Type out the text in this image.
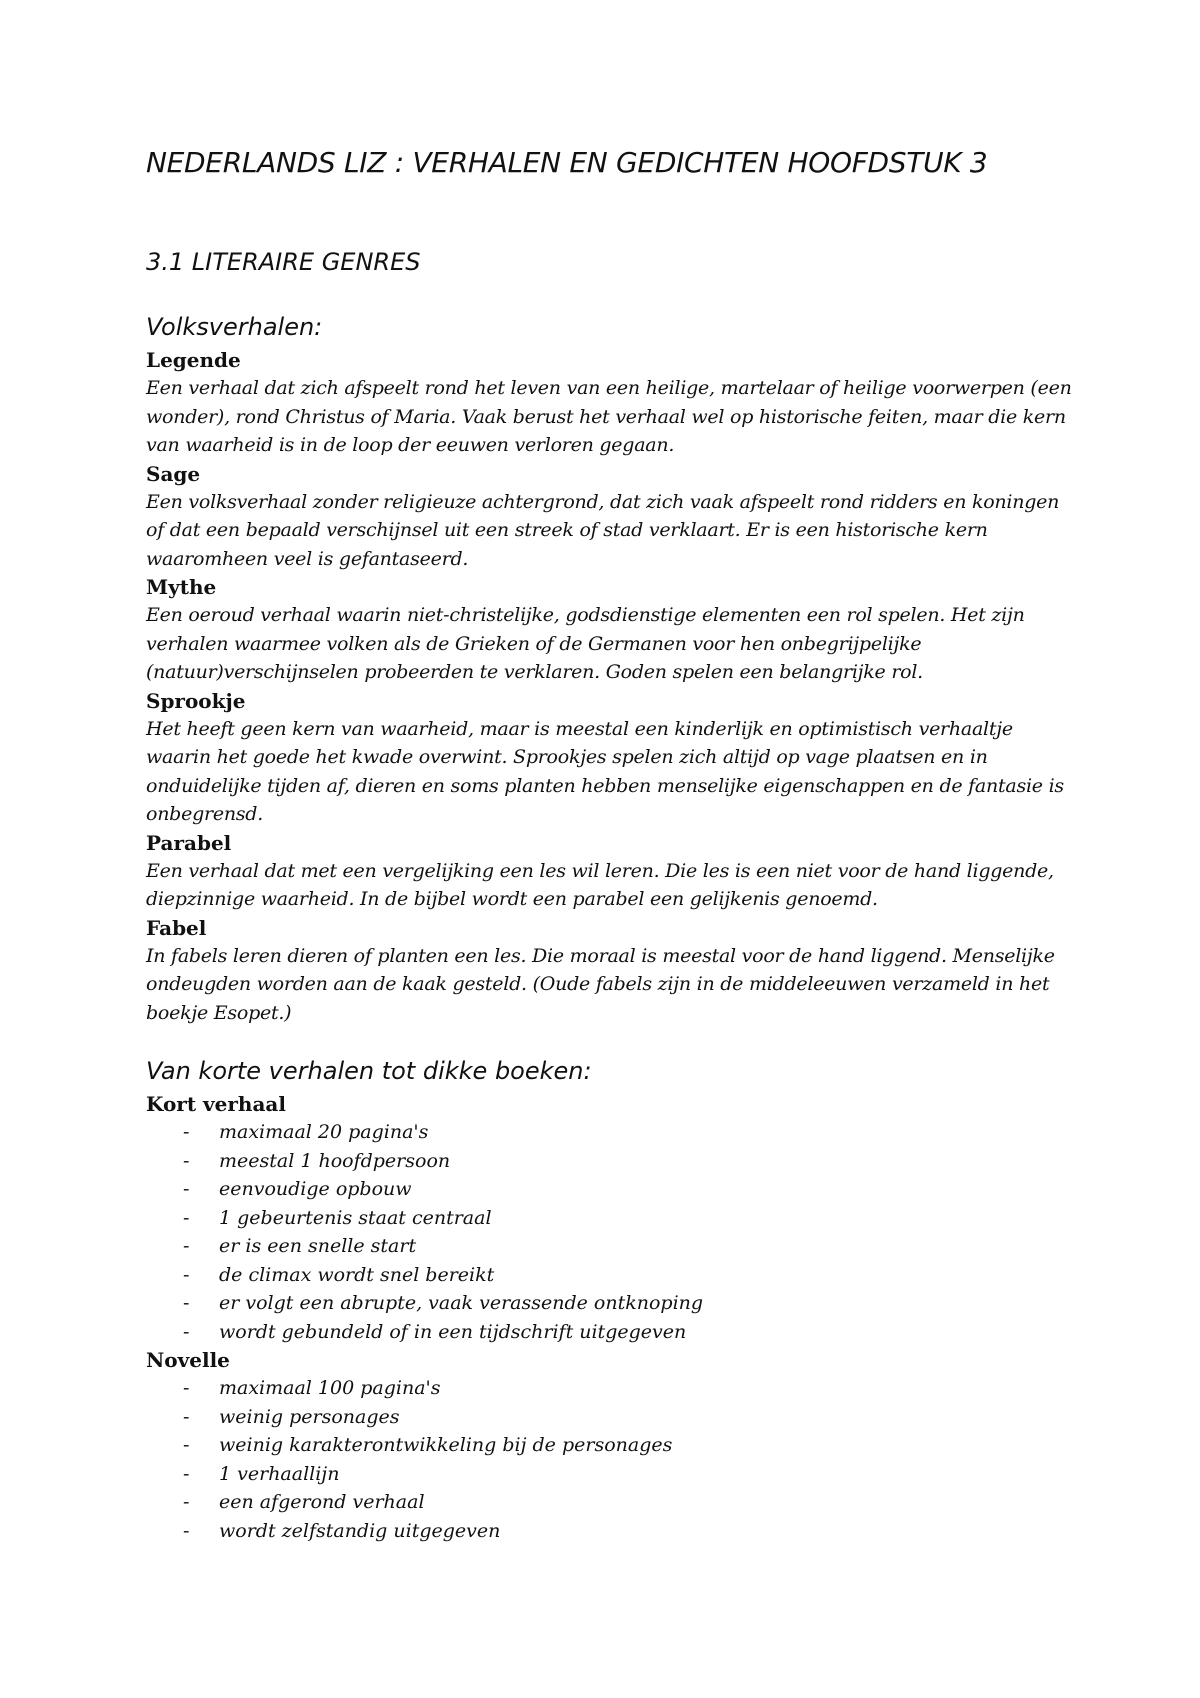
NEDERLANDS LIZ : VERHALEN EN GEDICHTEN HOOFDSTUK 3
3.1 LITERAIRE GENRES
Volksverhalen:

Legende

Een verhaal dat zich afspeelt rond het leven van een heilige, martelaar of heilige voorwerpen (een wonder), rond Christus of Maria. Vaak berust het verhaal wel op historische feiten, maar die kern van waarheid is in de loop der eeuwen verloren gegaan.

Sage

Een volksverhaal zonder religieuze achtergrond, dat zich vaak afspeelt rond ridders en koningen of dat een bepaald verschijnsel uit een streek of stad verklaart. Er is een historische kern waaromheen veel is gefantaseerd.

Mythe

Een oeroud verhaal waarin niet-christelijke, godsdienstige elementen een rol spelen. Het zijn verhalen waarmee volken als de Grieken of de Germanen voor hen onbegrijpelijke (natuur)verschijnselen probeerden te verklaren. Goden spelen een belangrijke rol.

Sprookje

Het heeft geen kern van waarheid, maar is meestal een kinderlijk en optimistisch verhaaltje waarin het goede het kwade overwint. Sprookjes spelen zich altijd op vage plaatsen en in onduidelijke tijden af, dieren en soms planten hebben menselijke eigenschappen en de fantasie is onbegrensd.

Parabel

Een verhaal dat met een vergelijking een les wil leren. Die les is een niet voor de hand liggende, diepzinnige waarheid. In de bijbel wordt een parabel een gelijkenis genoemd.

Fabel

In fabels leren dieren of planten een les. Die moraal is meestal voor de hand liggend. Menselijke ondeugden worden aan de kaak gesteld. (Oude fabels zijn in de middeleeuwen verzameld in het boekje Esopet.)

Van korte verhalen tot dikke boeken:

Kort verhaal

- maximaal 20 pagina's
- meestal 1 hoofdpersoon
- eenvoudige opbouw
- 1 gebeurtenis staat centraal
- er is een snelle start
- de climax wordt snel bereikt
- er volgt een abrupte, vaak verassende ontknoping
- wordt gebundeld of in een tijdschrift uitgegeven

Novelle

- maximaal 100 pagina's
- weinig personages
- weinig karakterontwikkeling bij de personages
- 1 verhaallijn
- een afgerond verhaal
- wordt zelfstandig uitgegeven
